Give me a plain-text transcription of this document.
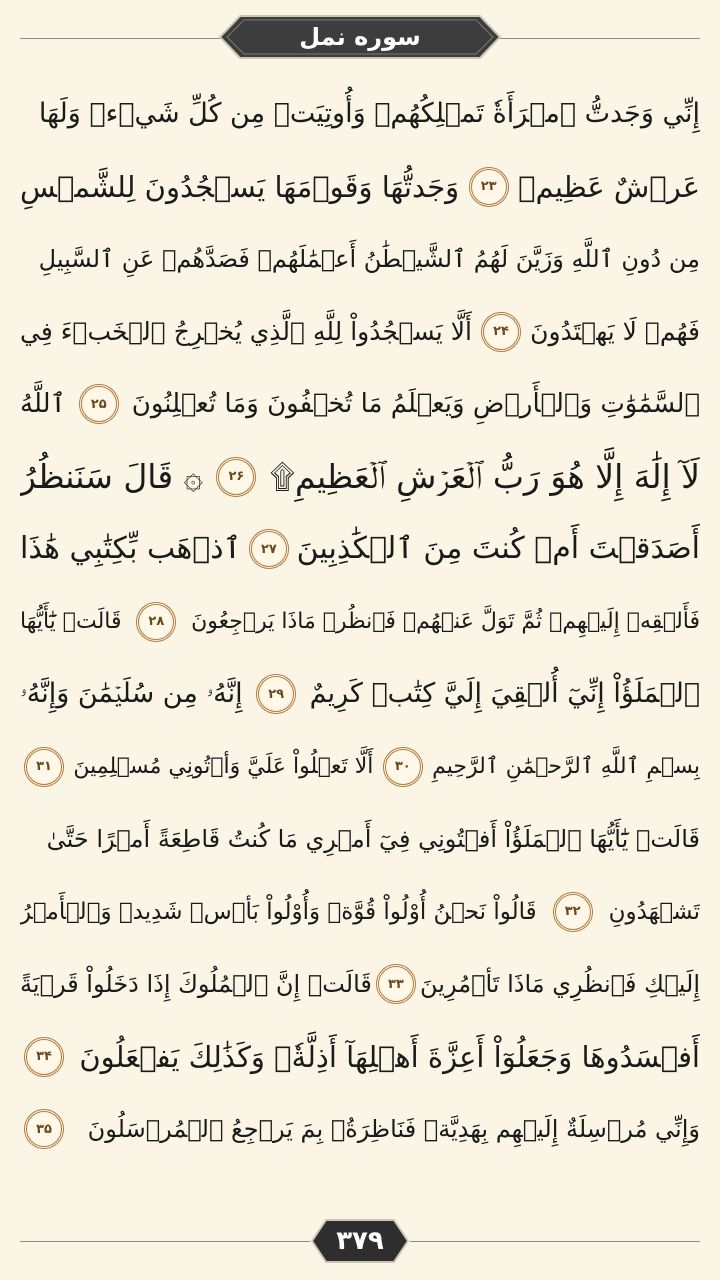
سوره نمل
إِنِّي وَجَدتُّ ٱمۡرَأَةٗ تَمۡلِكُهُمۡ وَأُوتِيَتۡ مِن كُلِّ شَيۡءٖ وَلَهَا
عَرۡشٌ عَظِيمٞ
۲۳
وَجَدتُّهَا وَقَوۡمَهَا يَسۡجُدُونَ لِلشَّمۡسِ
مِن دُونِ ٱللَّهِ وَزَيَّنَ لَهُمُ ٱلشَّيۡطَٰنُ أَعۡمَٰلَهُمۡ فَصَدَّهُمۡ عَنِ ٱلسَّبِيلِ
فَهُمۡ لَا يَهۡتَدُونَ
۲۴
أَلَّا يَسۡجُدُواْ لِلَّهِ ٱلَّذِي يُخۡرِجُ ٱلۡخَبۡءَ فِي
ٱلسَّمَٰوَٰتِ وَٱلۡأَرۡضِ وَيَعۡلَمُ مَا تُخۡفُونَ وَمَا تُعۡلِنُونَ
۲۵
ٱللَّهُ
لَآ إِلَٰهَ إِلَّا هُوَ رَبُّ ٱلۡعَرۡشِ ٱلۡعَظِيمِ۩
۲۶
۞ قَالَ سَنَنظُرُ
أَصَدَقۡتَ أَمۡ كُنتَ مِنَ ٱلۡكَٰذِبِينَ
۲۷
ٱذۡهَب بِّكِتَٰبِي هَٰذَا
فَأَلۡقِهۡ إِلَيۡهِمۡ ثُمَّ تَوَلَّ عَنۡهُمۡ فَٱنظُرۡ مَاذَا يَرۡجِعُونَ
۲۸
قَالَتۡ يَٰٓأَيُّهَا
ٱلۡمَلَؤُاْ إِنِّيٓ أُلۡقِيَ إِلَيَّ كِتَٰبٞ كَرِيمٌ
۲۹
إِنَّهُۥ مِن سُلَيۡمَٰنَ وَإِنَّهُۥ
بِسۡمِ ٱللَّهِ ٱلرَّحۡمَٰنِ ٱلرَّحِيمِ
۳۰
أَلَّا تَعۡلُواْ عَلَيَّ وَأۡتُونِي مُسۡلِمِينَ
۳۱
قَالَتۡ يَٰٓأَيُّهَا ٱلۡمَلَؤُاْ أَفۡتُونِي فِيٓ أَمۡرِي مَا كُنتُ قَاطِعَةً أَمۡرًا حَتَّىٰ
تَشۡهَدُونِ
۳۲
قَالُواْ نَحۡنُ أُوْلُواْ قُوَّةٖ وَأُوْلُواْ بَأۡسٖ شَدِيدٖ وَٱلۡأَمۡرُ
إِلَيۡكِ فَٱنظُرِي مَاذَا تَأۡمُرِينَ
۳۳
قَالَتۡ إِنَّ ٱلۡمُلُوكَ إِذَا دَخَلُواْ قَرۡيَةً
أَفۡسَدُوهَا وَجَعَلُوٓاْ أَعِزَّةَ أَهۡلِهَآ أَذِلَّةٗۚ وَكَذَٰلِكَ يَفۡعَلُونَ
۳۴
وَإِنِّي مُرۡسِلَةٌ إِلَيۡهِم بِهَدِيَّةٖ فَنَاظِرَةُۢ بِمَ يَرۡجِعُ ٱلۡمُرۡسَلُونَ
۳۵
۳۷۹
